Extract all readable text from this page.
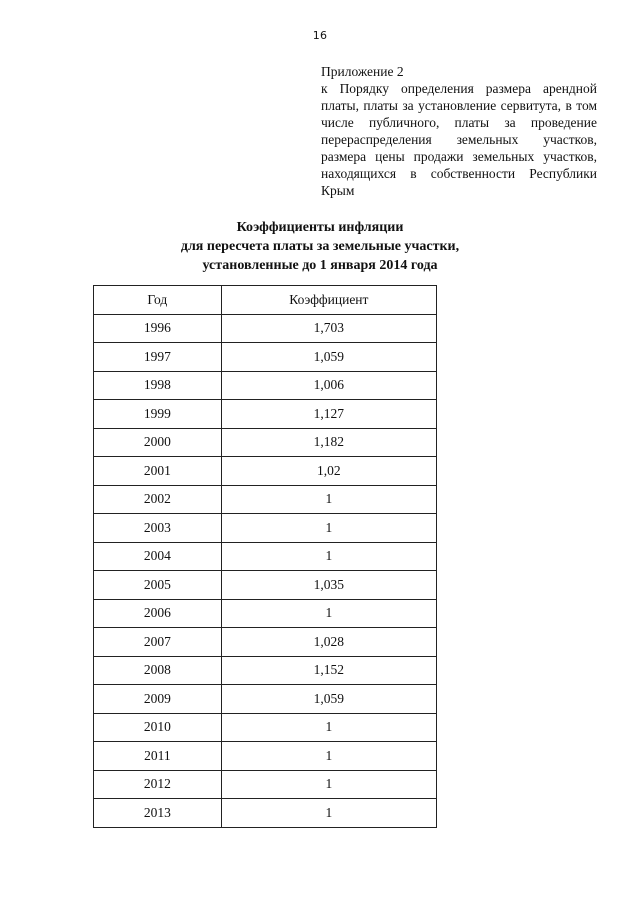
16
Приложение 2
к Порядку определения размера арендной платы, платы за установление сервитута, в том числе публичного, платы за проведение перераспределения земельных участков, размера цены продажи земельных участков, находящихся в собственности Республики Крым
Коэффициенты инфляции
для пересчета платы за земельные участки,
установленные до 1 января 2014 года
Год	Коэффициент
1996	1,703
1997	1,059
1998	1,006
1999	1,127
2000	1,182
2001	1,02
2002	1
2003	1
2004	1
2005	1,035
2006	1
2007	1,028
2008	1,152
2009	1,059
2010	1
2011	1
2012	1
2013	1
